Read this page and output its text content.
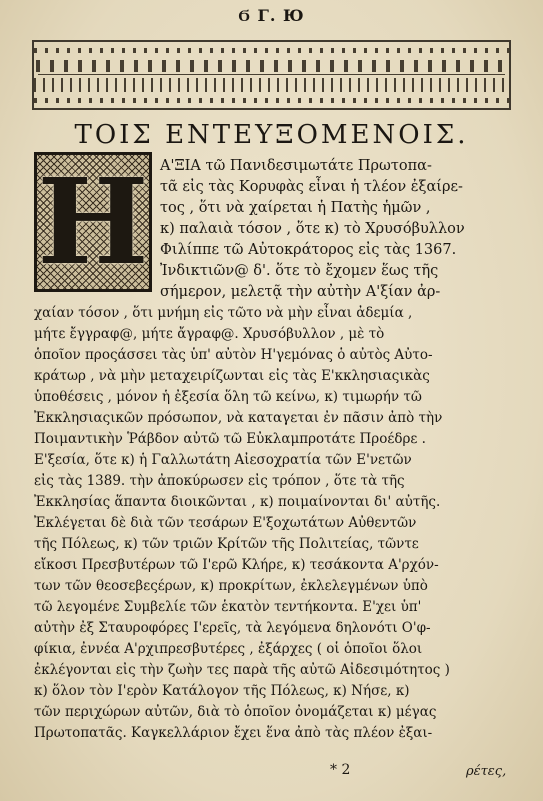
Ϭ Γ. Ю
ΤΟΙΣ ΕΝΤΕΥΞΟΜΕΝΟΙΣ.
Η Α'ΞΙΑ τῶ Πανιδεσιμωτάτε Πρωτοπα-
τᾶ εἰς τὰς Κορυφὰς εἶναι ἡ τλέον ἐξαίρε-
τος , ὅτι νὰ χαίρεται ἡ Πατὴς ἡμῶν ,
κ) παλαιὰ τόσον , ὅτε κ) τὸ Χρυσόβυλλον
Φιλίππε τῶ Αὐτοκράτορος εἰς τὰς 1367.
Ἰνδικτιῶν@ δ'. ὅτε τὸ ἔχομεν ἕως τῆς
σήμερον, μελετᾷ τὴν αὐτὴν Α'ξίαν ἀρ-
χαίαν τόσον , ὅτι μνήμη εἰς τῶτο νὰ μὴν εἶναι ἀδεμία ,
μήτε ἔγγραφ@, μήτε ἄγραφ@. Χρυσόβυλλον , μὲ τὸ
ὁποῖον προςάσσει τὰς ὑπ' αὐτὸν Η'γεμόνας ὁ αὐτὸς Αὐτο-
κράτωρ , νὰ μὴν μεταχειρίζωνται εἰς τὰς Ε'κκλησιαςικὰς
ὑποθέσεις , μόνον ἡ ἐξεσία ὅλη τῶ κείνω, κ) τιμωρήν τῶ
Ἐκκλησιαςικῶν πρόσωπον, νὰ καταγεται ἐν πᾶσιν ἀπὸ τὴν
Ποιμαντικὴν Ῥάβδον αὐτῶ τῶ Εὐκλαμπροτάτε Προέδρε .
Ε'ξεσία, ὅτε κ) ἡ Γαλλωτάτη Αἰεσοχρατία τῶν Ε'νετῶν
εἰς τὰς 1389. τὴν ἀποκύρωσεν εἰς τρόπον , ὅτε τὰ τῆς
Ἐκκλησίας ἅπαντα διοικῶνται , κ) ποιμαίνονται δι' αὐτῆς.
Ἐκλέγεται δὲ διὰ τῶν τεσάρων Ε'ξοχωτάτων Αὐθεντῶν
τῆς Πόλεως, κ) τῶν τριῶν Κρίτῶν τῆς Πολιτείας, τῶντε
εἴκοσι Πρεσβυτέρων τῶ Ι'ερῶ Κλήρε, κ) τεσάκοντα Α'ρχόν-
των τῶν θεοσεβεςέρων, κ) προκρίτων, ἐκλελεγμένων ὑπὸ
τῶ λεγομένε Συμβελίε τῶν ἑκατὸν τεντήκοντα. Ε'χει ὑπ'
αὐτὴν ἐξ Σταυροφόρες Ι'ερεῖς, τὰ λεγόμενα δηλονότι Ο'φ-
φίκια, ἐννέα Α'ρχιπρεσβυτέρες , ἐξάρχες ( οἱ ὁποῖοι ὅλοι
ἐκλέγονται εἰς τὴν ζωὴν τες παρὰ τῆς αὐτῶ Αἰδεσιμότητος )
κ) ὅλον τὸν Ι'ερὸν Κατάλογον τῆς Πόλεως, κ) Νήσε, κ)
τῶν περιχώρων αὐτῶν, διὰ τὸ ὁποῖον ὀνομάζεται κ) μέγας
Πρωτοπατᾶς. Καγκελλάριον ἔχει ἕνα ἀπὸ τὰς πλέον ἐξαι-
* 2	ρέτες,
